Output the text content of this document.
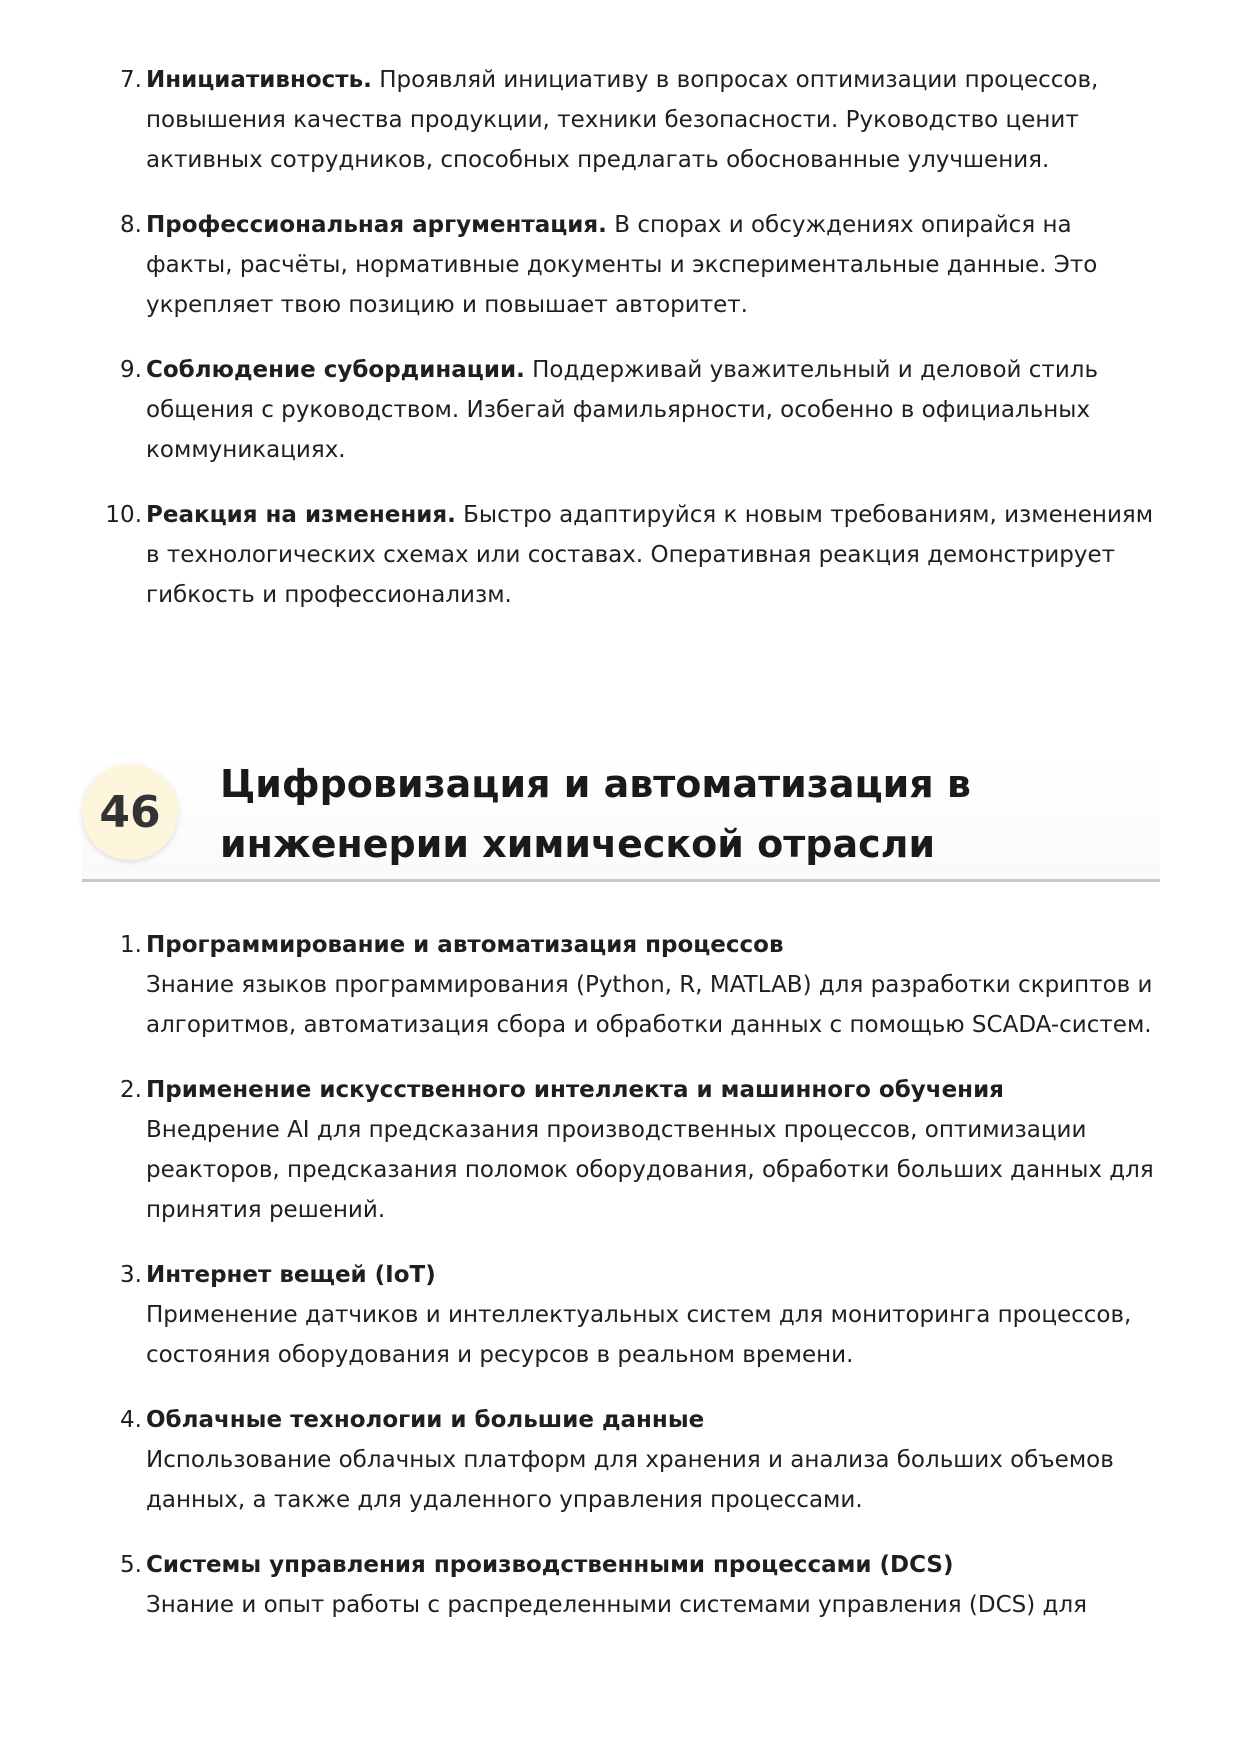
7. Инициативность. Проявляй инициативу в вопросах оптимизации процессов, повышения качества продукции, техники безопасности. Руководство ценит активных сотрудников, способных предлагать обоснованные улучшения.
8. Профессиональная аргументация. В спорах и обсуждениях опирайся на факты, расчёты, нормативные документы и экспериментальные данные. Это укрепляет твою позицию и повышает авторитет.
9. Соблюдение субординации. Поддерживай уважительный и деловой стиль общения с руководством. Избегай фамильярности, особенно в официальных коммуникациях.
10. Реакция на изменения. Быстро адаптируйся к новым требованиям, изменениям в технологических схемах или составах. Оперативная реакция демонстрирует гибкость и профессионализм.
46
Цифровизация и автоматизация в инженерии химической отрасли
1. Программирование и автоматизация процессов
Знание языков программирования (Python, R, MATLAB) для разработки скриптов и алгоритмов, автоматизация сбора и обработки данных с помощью SCADA-систем.
2. Применение искусственного интеллекта и машинного обучения
Внедрение AI для предсказания производственных процессов, оптимизации реакторов, предсказания поломок оборудования, обработки больших данных для принятия решений.
3. Интернет вещей (IoT)
Применение датчиков и интеллектуальных систем для мониторинга процессов, состояния оборудования и ресурсов в реальном времени.
4. Облачные технологии и большие данные
Использование облачных платформ для хранения и анализа больших объемов данных, а также для удаленного управления процессами.
5. Системы управления производственными процессами (DCS)
Знание и опыт работы с распределенными системами управления (DCS) для
